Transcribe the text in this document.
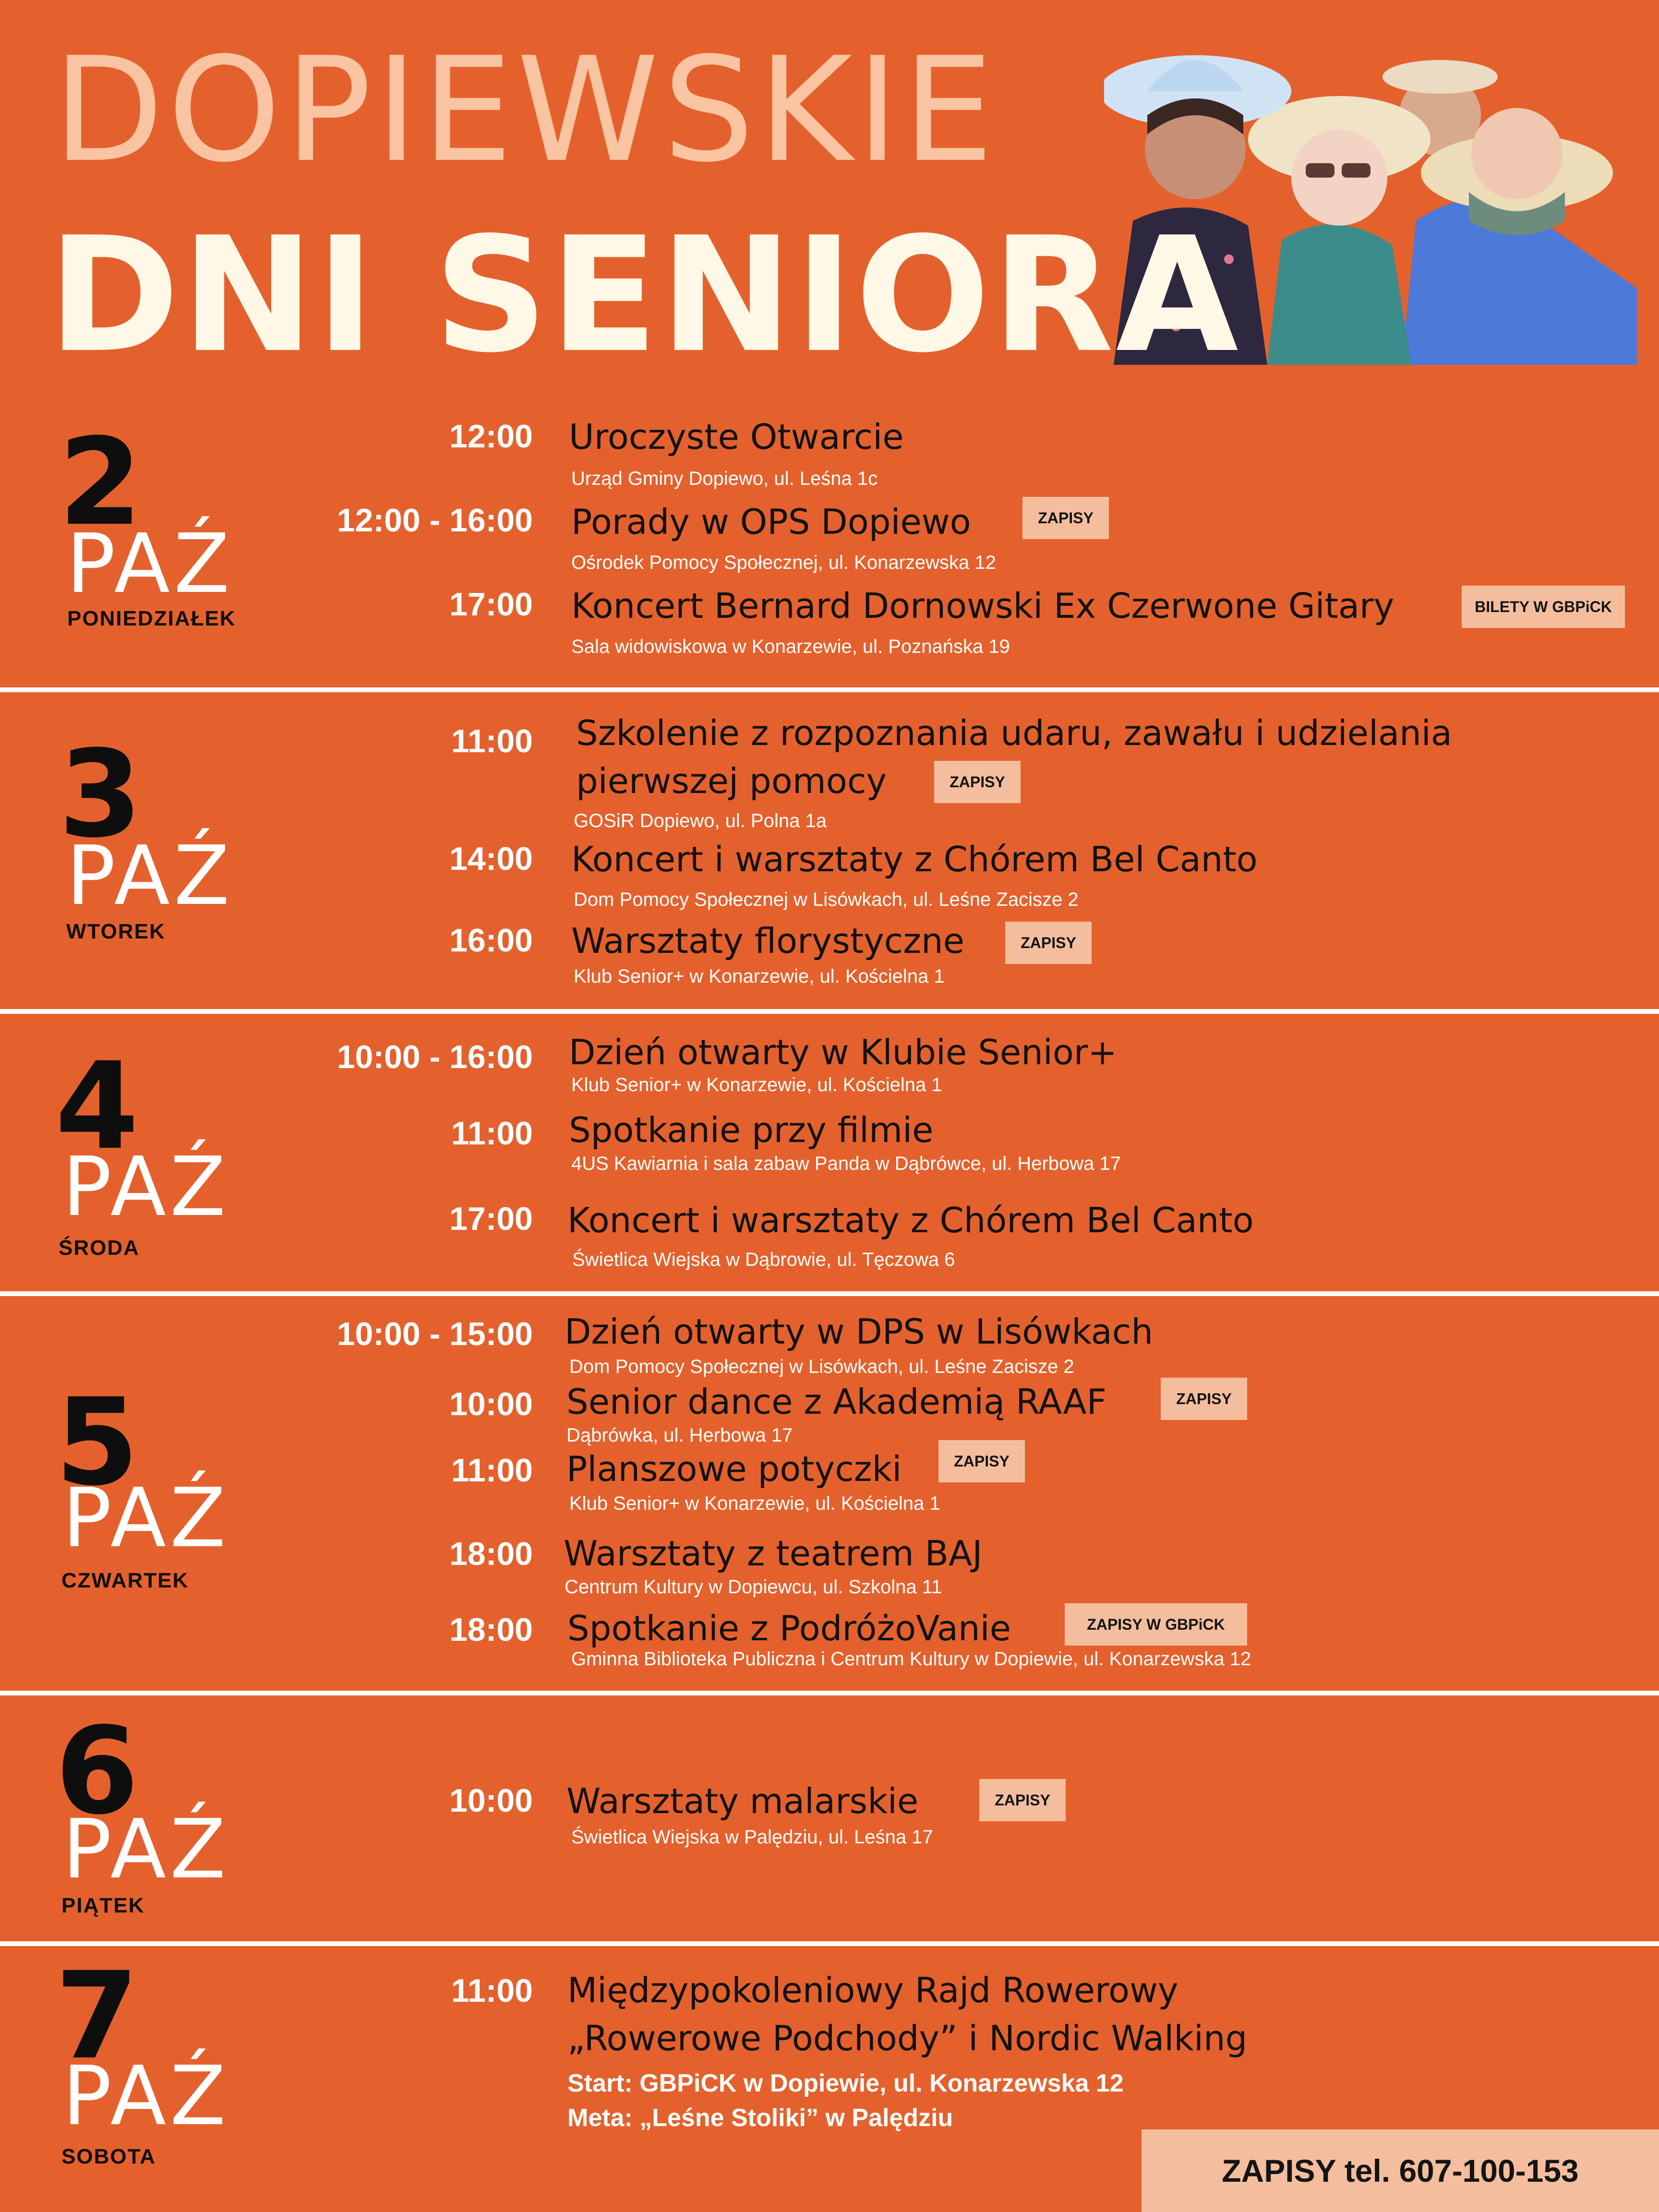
DOPIEWSKIE
DNI SENIORA
2
PAŹ
PONIEDZIAŁEK
12:00 Uroczyste Otwarcie
Urząd Gminy Dopiewo, ul. Leśna 1c
12:00 - 16:00 Porady w OPS Dopiewo	ZAPISY
Ośrodek Pomocy Społecznej, ul. Konarzewska 12
17:00 Koncert Bernard Dornowski Ex Czerwone Gitary	BILETY W GBPiCK
Sala widowiskowa w Konarzewie, ul. Poznańska 19
3
PAŹ
WTOREK
11:00 Szkolenie z rozpoznania udaru, zawału i udzielania
pierwszej pomocy	ZAPISY
GOSiR Dopiewo, ul. Polna 1a
14:00 Koncert i warsztaty z Chórem Bel Canto
Dom Pomocy Społecznej w Lisówkach, ul. Leśne Zacisze 2
16:00 Warsztaty florystyczne	ZAPISY
Klub Senior+ w Konarzewie, ul. Kościelna 1
4
PAŹ
ŚRODA
10:00 - 16:00 Dzień otwarty w Klubie Senior+
Klub Senior+ w Konarzewie, ul. Kościelna 1
11:00 Spotkanie przy filmie
4US Kawiarnia i sala zabaw Panda w Dąbrówce, ul. Herbowa 17
17:00 Koncert i warsztaty z Chórem Bel Canto
Świetlica Wiejska w Dąbrowie, ul. Tęczowa 6
5
PAŹ
CZWARTEK
10:00 - 15:00 Dzień otwarty w DPS w Lisówkach
Dom Pomocy Społecznej w Lisówkach, ul. Leśne Zacisze 2
10:00 Senior dance z Akademią RAAF	ZAPISY
Dąbrówka, ul. Herbowa 17
11:00 Planszowe potyczki	ZAPISY
Klub Senior+ w Konarzewie, ul. Kościelna 1
18:00 Warsztaty z teatrem BAJ
Centrum Kultury w Dopiewcu, ul. Szkolna 11
18:00 Spotkanie z PodróżoVanie	ZAPISY W GBPiCK
Gminna Biblioteka Publiczna i Centrum Kultury w Dopiewie, ul. Konarzewska 12
6
PAŹ
PIĄTEK
10:00 Warsztaty malarskie	ZAPISY
Świetlica Wiejska w Palędziu, ul. Leśna 17
7
PAŹ
SOBOTA
11:00 Międzypokoleniowy Rajd Rowerowy
„Rowerowe Podchody” i Nordic Walking
Start: GBPiCK w Dopiewie, ul. Konarzewska 12
Meta: „Leśne Stoliki” w Palędziu
ZAPISY tel. 607-100-153
